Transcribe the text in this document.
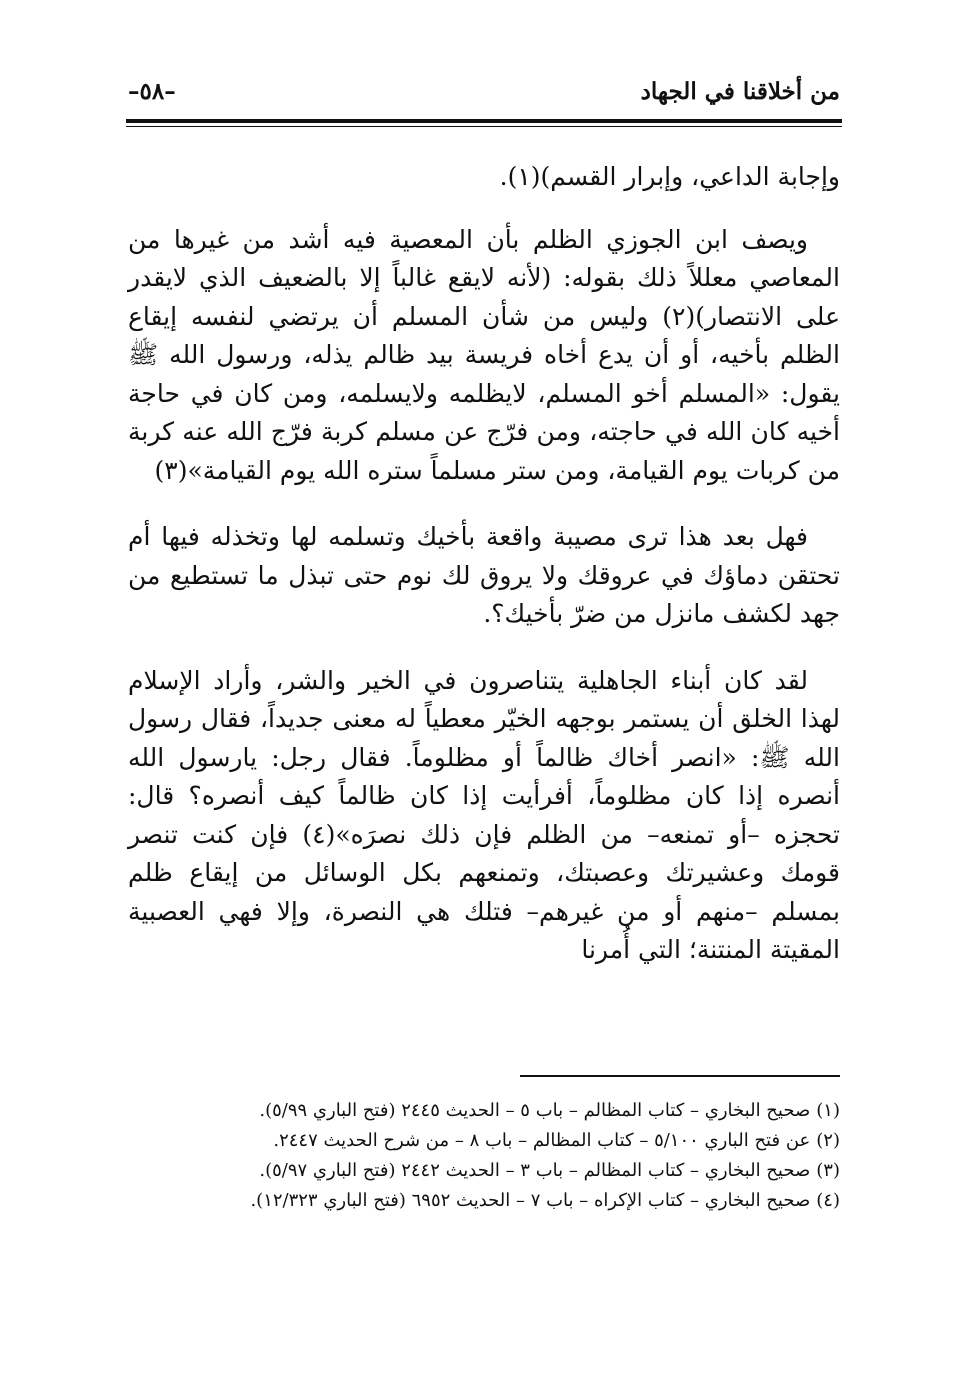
من أخلاقنا في الجهاد
–٥٨–

وإجابة الداعي، وإبرار القسم)(١).

ويصف ابن الجوزي الظلم بأن المعصية فيه أشد من غيرها من المعاصي معللاً ذلك بقوله: (لأنه لايقع غالباً إلا بالضعيف الذي لايقدر على الانتصار)(٢) وليس من شأن المسلم أن يرتضي لنفسه إيقاع الظلم بأخيه، أو أن يدع أخاه فريسة بيد ظالم يذله، ورسول الله ﷺ يقول: «المسلم أخو المسلم، لايظلمه ولايسلمه، ومن كان في حاجة أخيه كان الله في حاجته، ومن فرّج عن مسلم كربة فرّج الله عنه كربة من كربات يوم القيامة، ومن ستر مسلماً ستره الله يوم القيامة»(٣)

فهل بعد هذا ترى مصيبة واقعة بأخيك وتسلمه لها وتخذله فيها أم تحتقن دماؤك في عروقك ولا يروق لك نوم حتى تبذل ما تستطيع من جهد لكشف مانزل من ضرّ بأخيك؟.

لقد كان أبناء الجاهلية يتناصرون في الخير والشر، وأراد الإسلام لهذا الخلق أن يستمر بوجهه الخيّر معطياً له معنى جديداً، فقال رسول الله ﷺ: «انصر أخاك ظالماً أو مظلوماً. فقال رجل: يارسول الله أنصره إذا كان مظلوماً، أفرأيت إذا كان ظالماً كيف أنصره؟ قال: تحجزه –أو تمنعه– من الظلم فإن ذلك نصرَه»(٤) فإن كنت تنصر قومك وعشيرتك وعصبتك، وتمنعهم بكل الوسائل من إيقاع ظلم بمسلم –منهم أو من غيرهم– فتلك هي النصرة، وإلا فهي العصبية المقيتة المنتنة؛ التي أُمرنا

(١)صحيح البخاري – كتاب المظالم – باب ٥ – الحديث ٢٤٤٥ (فتح الباري ٥/٩٩).

(٢)عن فتح الباري ٥/١٠٠ – كتاب المظالم – باب ٨ – من شرح الحديث ٢٤٤٧.

(٣)صحيح البخاري – كتاب المظالم – باب ٣ – الحديث ٢٤٤٢ (فتح الباري ٥/٩٧).

(٤)صحيح البخاري – كتاب الإكراه – باب ٧ – الحديث ٦٩٥٢ (فتح الباري ١٢/٣٢٣).
